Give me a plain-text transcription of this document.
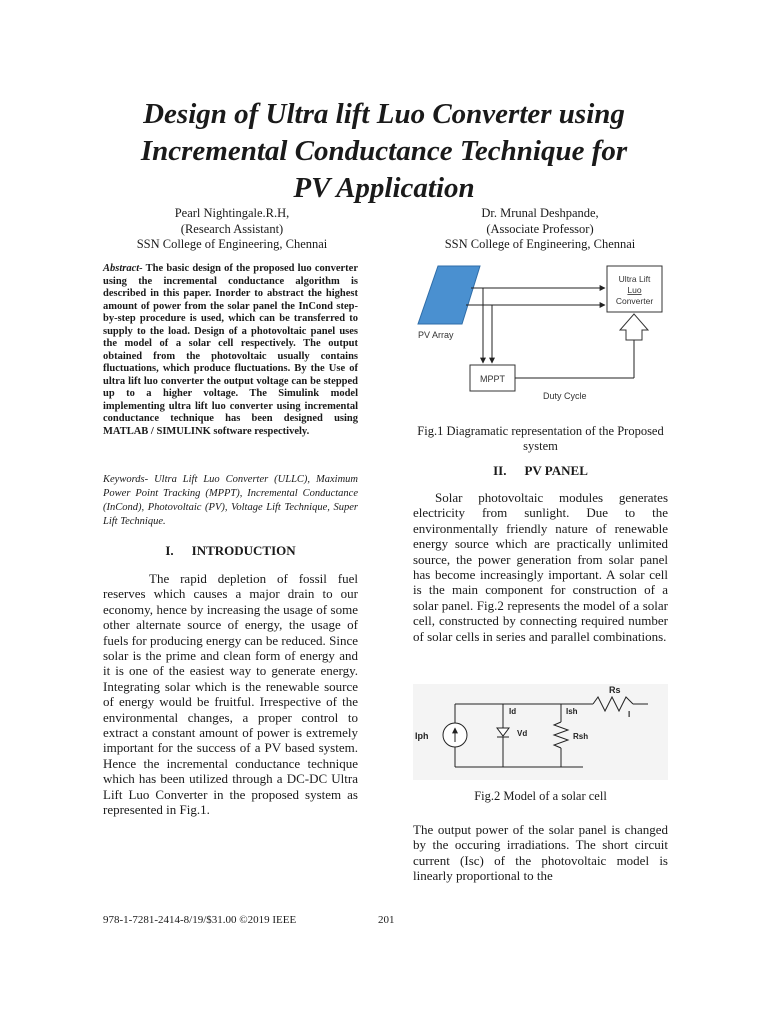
Design of Ultra lift Luo Converter using
Incremental Conductance Technique for
PV Application
Pearl Nightingale.R.H,
(Research Assistant)
SSN College of Engineering, Chennai
Dr. Mrunal Deshpande,
(Associate Professor)
SSN College of Engineering, Chennai

Abstract- The basic design of the proposed luo converter using the incremental conductance algorithm is described in this paper. Inorder to abstract the highest amount of power from the solar panel the InCond step-by-step procedure is used, which can be transferred to supply to the load. Design of a photovoltaic panel uses the model of a solar cell respectively. The output obtained from the photovoltaic usually contains fluctuations, which produce fluctuations. By the Use of ultra lift luo converter the output voltage can be stepped up to a higher voltage. The Simulink model implementing ultra lift luo converter using incremental conductance technique has been designed using MATLAB / SIMULINK software respectively.

Keywords- Ultra Lift Luo Converter (ULLC), Maximum Power Point Tracking (MPPT), Incremental Conductance (InCond), Photovoltaic (PV), Voltage Lift Technique, Super Lift Technique.

I. INTRODUCTION

The rapid depletion of fossil fuel reserves which causes a major drain to our economy, hence by increasing the usage of some other alternate source of energy, the usage of fuels for producing energy can be reduced. Since solar is the prime and clean form of energy and it is one of the easiest way to generate energy. Integrating solar which is the renewable source of energy would be fruitful. Irrespective of the environmental changes, a proper control to extract a constant amount of power is extremely important for the success of a PV based system. Hence the incremental conductance technique which has been utilized through a DC-DC Ultra Lift Luo Converter in the proposed system as represented in Fig.1.

PV Array
Ultra Lift
Luo
Converter
MPPT
Duty Cycle

Fig.1 Diagramatic representation of the Proposed system

II. PV PANEL

Solar photovoltaic modules generates electricity from sunlight. Due to the environmentally friendly nature of renewable energy source which are practically unlimited source, the power generation from solar panel has become increasingly important. A solar cell is the main component for construction of a solar panel. Fig.2 represents the model of a solar cell, constructed by connecting required number of solar cells in series and parallel combinations.

Rs
I
Iph
Id
Vd
Ish
Rsh

Fig.2 Model of a solar cell

The output power of the solar panel is changed by the occuring irradiations. The short circuit current (Isc) of the photovoltaic model is linearly proportional to the

978-1-7281-2414-8/19/$31.00 ©2019 IEEE	201
